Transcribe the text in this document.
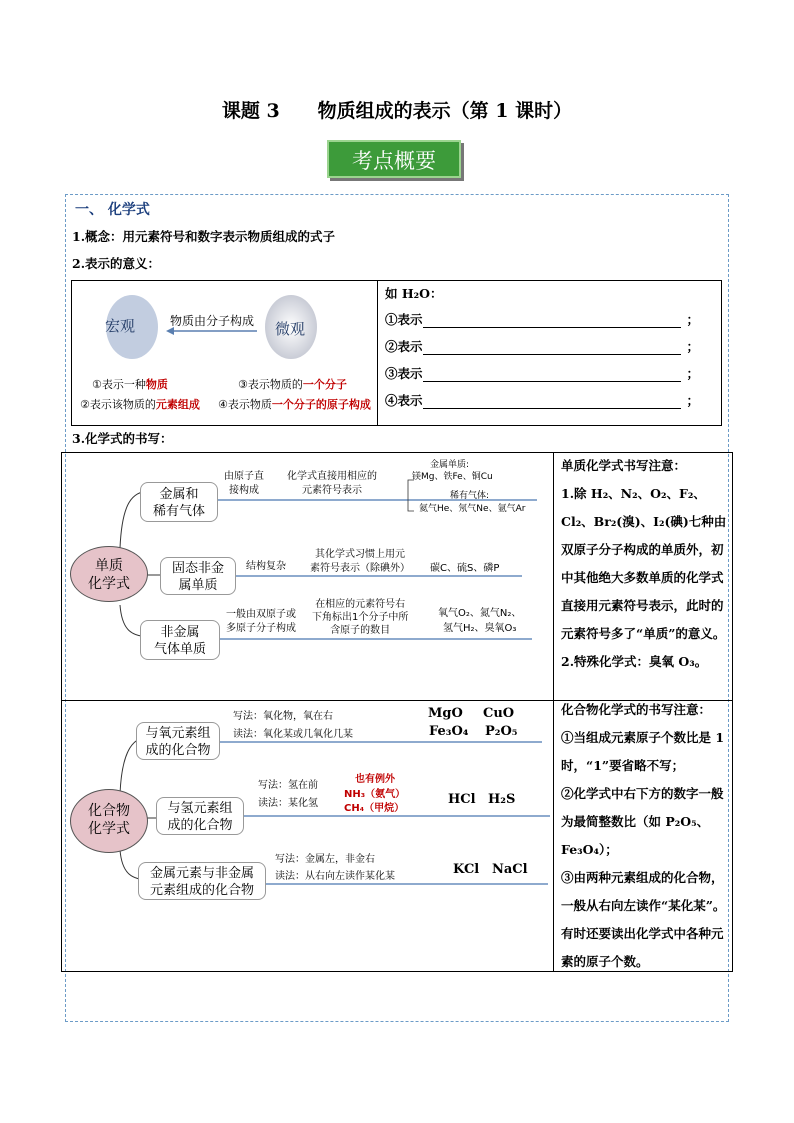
课题 3　　物质组成的表示（第 1 课时）
考点概要
一、 化学式
1.概念：用元素符号和数字表示物质组成的式子
2.表示的意义：
宏观	微观
物质由分子构成
①表示一种物质
②表示该物质的元素组成
③表示物质的一个分子
④表示物质一个分子的原子构成
如 H₂O：
①表示	；
②表示	；
③表示	；
④表示	；
3.化学式的书写：
单质
化学式
金属和
稀有气体
固态非金
属单质
非金属
气体单质
由原子直
接构成
化学式直接用相应的
元素符号表示
金属单质:
镁Mg、铁Fe、铜Cu
稀有气体:
氦气He、氖气Ne、氩气Ar
结构复杂
其化学式习惯上用元
素符号表示（除碘外） 碳C、硫S、磷P
一般由双原子或
多原子分子构成
在相应的元素符号右
下角标出1个分子中所
含原子的数目
氧气O₂、氮气N₂、
氢气H₂、臭氧O₃
单质化学式书写注意：
1.除 H₂、N₂、O₂、F₂、Cl₂、Br₂(溴)、I₂(碘)七种由双原子分子构成的单质外，初中其他绝大多数单质的化学式直接用元素符号表示，此时的元素符号多了“单质”的意义。
2.特殊化学式：臭氧 O₃。
化合物
化学式
与氧元素组
成的化合物
与氢元素组
成的化合物
金属元素与非金属
元素组成的化合物
写法：氧化物，氧在右
读法：氧化某或几氧化几某
MgO CuO
Fe₃O₄ P₂O₅
写法：氢在前
读法：某化氢
也有例外
NH₃（氨气）
CH₄（甲烷）
HCl H₂S
写法：金属左，非金右
读法：从右向左读作某化某	KCl NaCl
化合物化学式的书写注意：
①当组成元素原子个数比是 1 时，“1”要省略不写；
②化学式中右下方的数字一般为最简整数比（如 P₂O₅、Fe₃O₄）；
③由两种元素组成的化合物，一般从右向左读作“某化某”。有时还要读出化学式中各种元素的原子个数。
